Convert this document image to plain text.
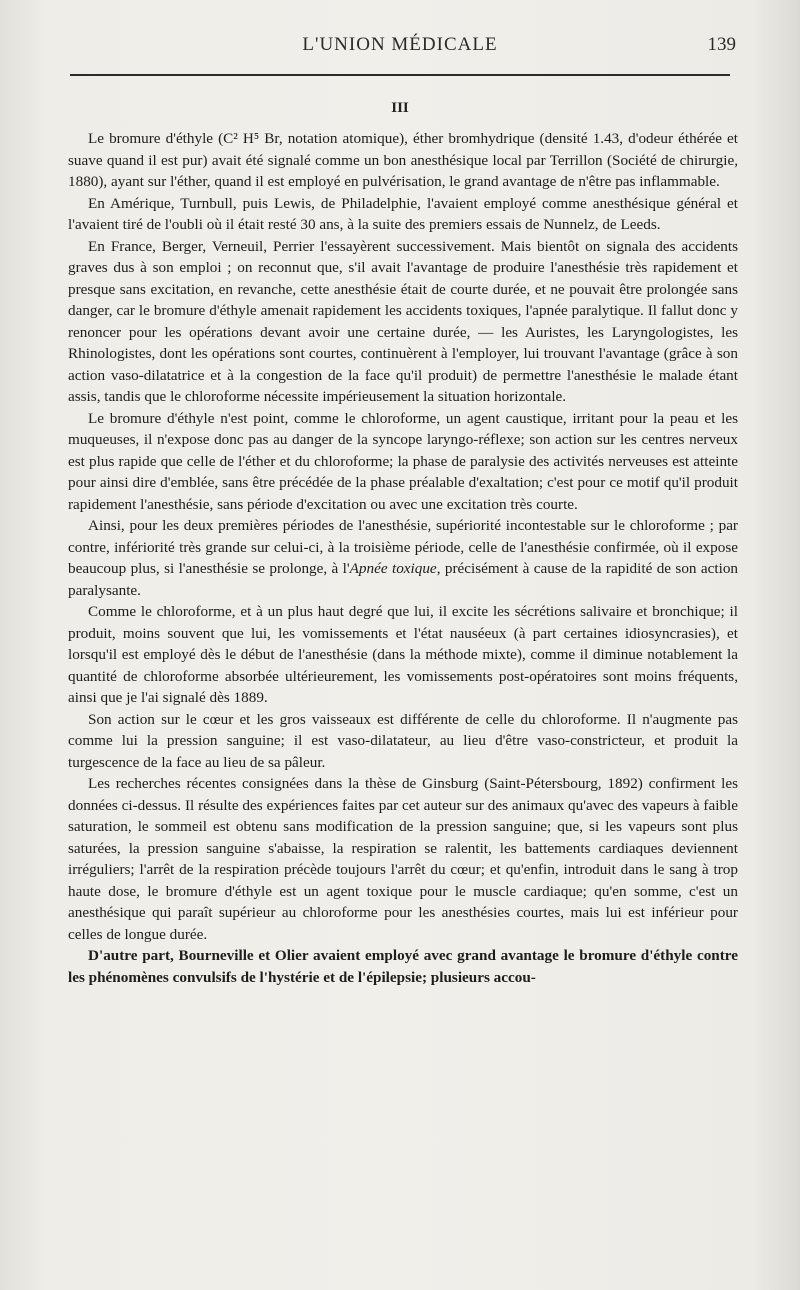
L'UNION MÉDICALE	139
III

Le bromure d'éthyle (C² H⁵ Br, notation atomique), éther bromhydrique (densité 1.43, d'odeur éthérée et suave quand il est pur) avait été signalé comme un bon anesthésique local par Terrillon (Société de chirurgie, 1880), ayant sur l'éther, quand il est employé en pulvérisation, le grand avantage de n'être pas inflammable.

En Amérique, Turnbull, puis Lewis, de Philadelphie, l'avaient employé comme anesthésique général et l'avaient tiré de l'oubli où il était resté 30 ans, à la suite des premiers essais de Nunnelz, de Leeds.

En France, Berger, Verneuil, Perrier l'essayèrent successivement. Mais bientôt on signala des accidents graves dus à son emploi ; on reconnut que, s'il avait l'avantage de produire l'anesthésie très rapidement et presque sans excitation, en revanche, cette anesthésie était de courte durée, et ne pouvait être prolongée sans danger, car le bromure d'éthyle amenait rapidement les accidents toxiques, l'apnée paralytique. Il fallut donc y renoncer pour les opérations devant avoir une certaine durée, — les Auristes, les Laryngologistes, les Rhinologistes, dont les opérations sont courtes, continuèrent à l'employer, lui trouvant l'avantage (grâce à son action vaso-dilatatrice et à la congestion de la face qu'il produit) de permettre l'anesthésie le malade étant assis, tandis que le chloroforme nécessite impérieusement la situation horizontale.

Le bromure d'éthyle n'est point, comme le chloroforme, un agent caustique, irritant pour la peau et les muqueuses, il n'expose donc pas au danger de la syncope laryngo-réflexe; son action sur les centres nerveux est plus rapide que celle de l'éther et du chloroforme; la phase de paralysie des activités nerveuses est atteinte pour ainsi dire d'emblée, sans être précédée de la phase préalable d'exaltation; c'est pour ce motif qu'il produit rapidement l'anesthésie, sans période d'excitation ou avec une excitation très courte.

Ainsi, pour les deux premières périodes de l'anesthésie, supériorité incontestable sur le chloroforme ; par contre, infériorité très grande sur celui-ci, à la troisième période, celle de l'anesthésie confirmée, où il expose beaucoup plus, si l'anesthésie se prolonge, à l'Apnée toxique, précisément à cause de la rapidité de son action paralysante.

Comme le chloroforme, et à un plus haut degré que lui, il excite les sécrétions salivaire et bronchique; il produit, moins souvent que lui, les vomissements et l'état nauséeux (à part certaines idiosyncrasies), et lorsqu'il est employé dès le début de l'anesthésie (dans la méthode mixte), comme il diminue notablement la quantité de chloroforme absorbée ultérieurement, les vomissements post-opératoires sont moins fréquents, ainsi que je l'ai signalé dès 1889.

Son action sur le cœur et les gros vaisseaux est différente de celle du chloroforme. Il n'augmente pas comme lui la pression sanguine; il est vaso-dilatateur, au lieu d'être vaso-constricteur, et produit la turgescence de la face au lieu de sa pâleur.

Les recherches récentes consignées dans la thèse de Ginsburg (Saint-Pétersbourg, 1892) confirment les données ci-dessus. Il résulte des expériences faites par cet auteur sur des animaux qu'avec des vapeurs à faible saturation, le sommeil est obtenu sans modification de la pression sanguine; que, si les vapeurs sont plus saturées, la pression sanguine s'abaisse, la respiration se ralentit, les battements cardiaques deviennent irréguliers; l'arrêt de la respiration précède toujours l'arrêt du cœur; et qu'enfin, introduit dans le sang à trop haute dose, le bromure d'éthyle est un agent toxique pour le muscle cardiaque; qu'en somme, c'est un anesthésique qui paraît supérieur au chloroforme pour les anesthésies courtes, mais lui est inférieur pour celles de longue durée.

D'autre part, Bourneville et Olier avaient employé avec grand avantage le bromure d'éthyle contre les phénomènes convulsifs de l'hystérie et de l'épilepsie; plusieurs accou-
